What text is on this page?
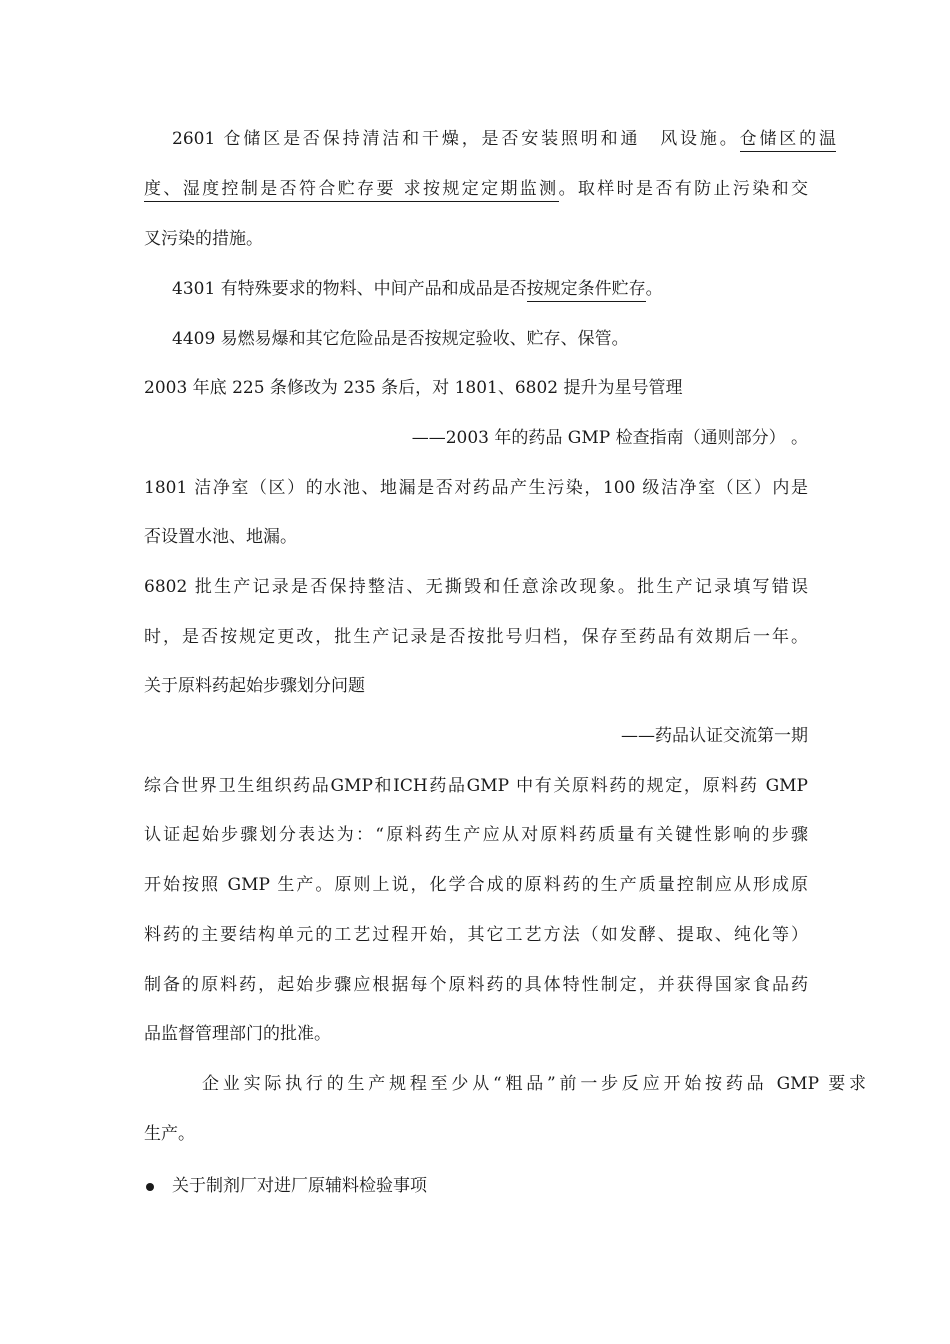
2601 仓储区是否保持清洁和干燥，是否安装照明和通　风设施。仓储区的温
度、湿度控制是否符合贮存要 求按规定定期监测。取样时是否有防止污染和交
叉污染的措施。
4301 有特殊要求的物料、中间产品和成品是否按规定条件贮存。
4409 易燃易爆和其它危险品是否按规定验收、贮存、保管。
2003 年底 225 条修改为 235 条后，对 1801、6802 提升为星号管理
——2003 年的药品 GMP 检查指南（通则部分） 。
1801 洁净室（区）的水池、地漏是否对药品产生污染，100 级洁净室（区）内是
否设置水池、地漏。
6802 批生产记录是否保持整洁、无撕毁和任意涂改现象。批生产记录填写错误
时，是否按规定更改，批生产记录是否按批号归档，保存至药品有效期后一年。
关于原料药起始步骤划分问题
——药品认证交流第一期
综合世界卫生组织药品GMP和ICH药品GMP 中有关原料药的规定，原料药 GMP
认证起始步骤划分表达为：“原料药生产应从对原料药质量有关键性影响的步骤
开始按照 GMP 生产。原则上说，化学合成的原料药的生产质量控制应从形成原
料药的主要结构单元的工艺过程开始，其它工艺方法（如发酵、提取、纯化等）
制备的原料药，起始步骤应根据每个原料药的具体特性制定，并获得国家食品药
品监督管理部门的批准。
企业实际执行的生产规程至少从“粗品”前一步反应开始按药品 GMP 要求
生产。
关于制剂厂对进厂原辅料检验事项
